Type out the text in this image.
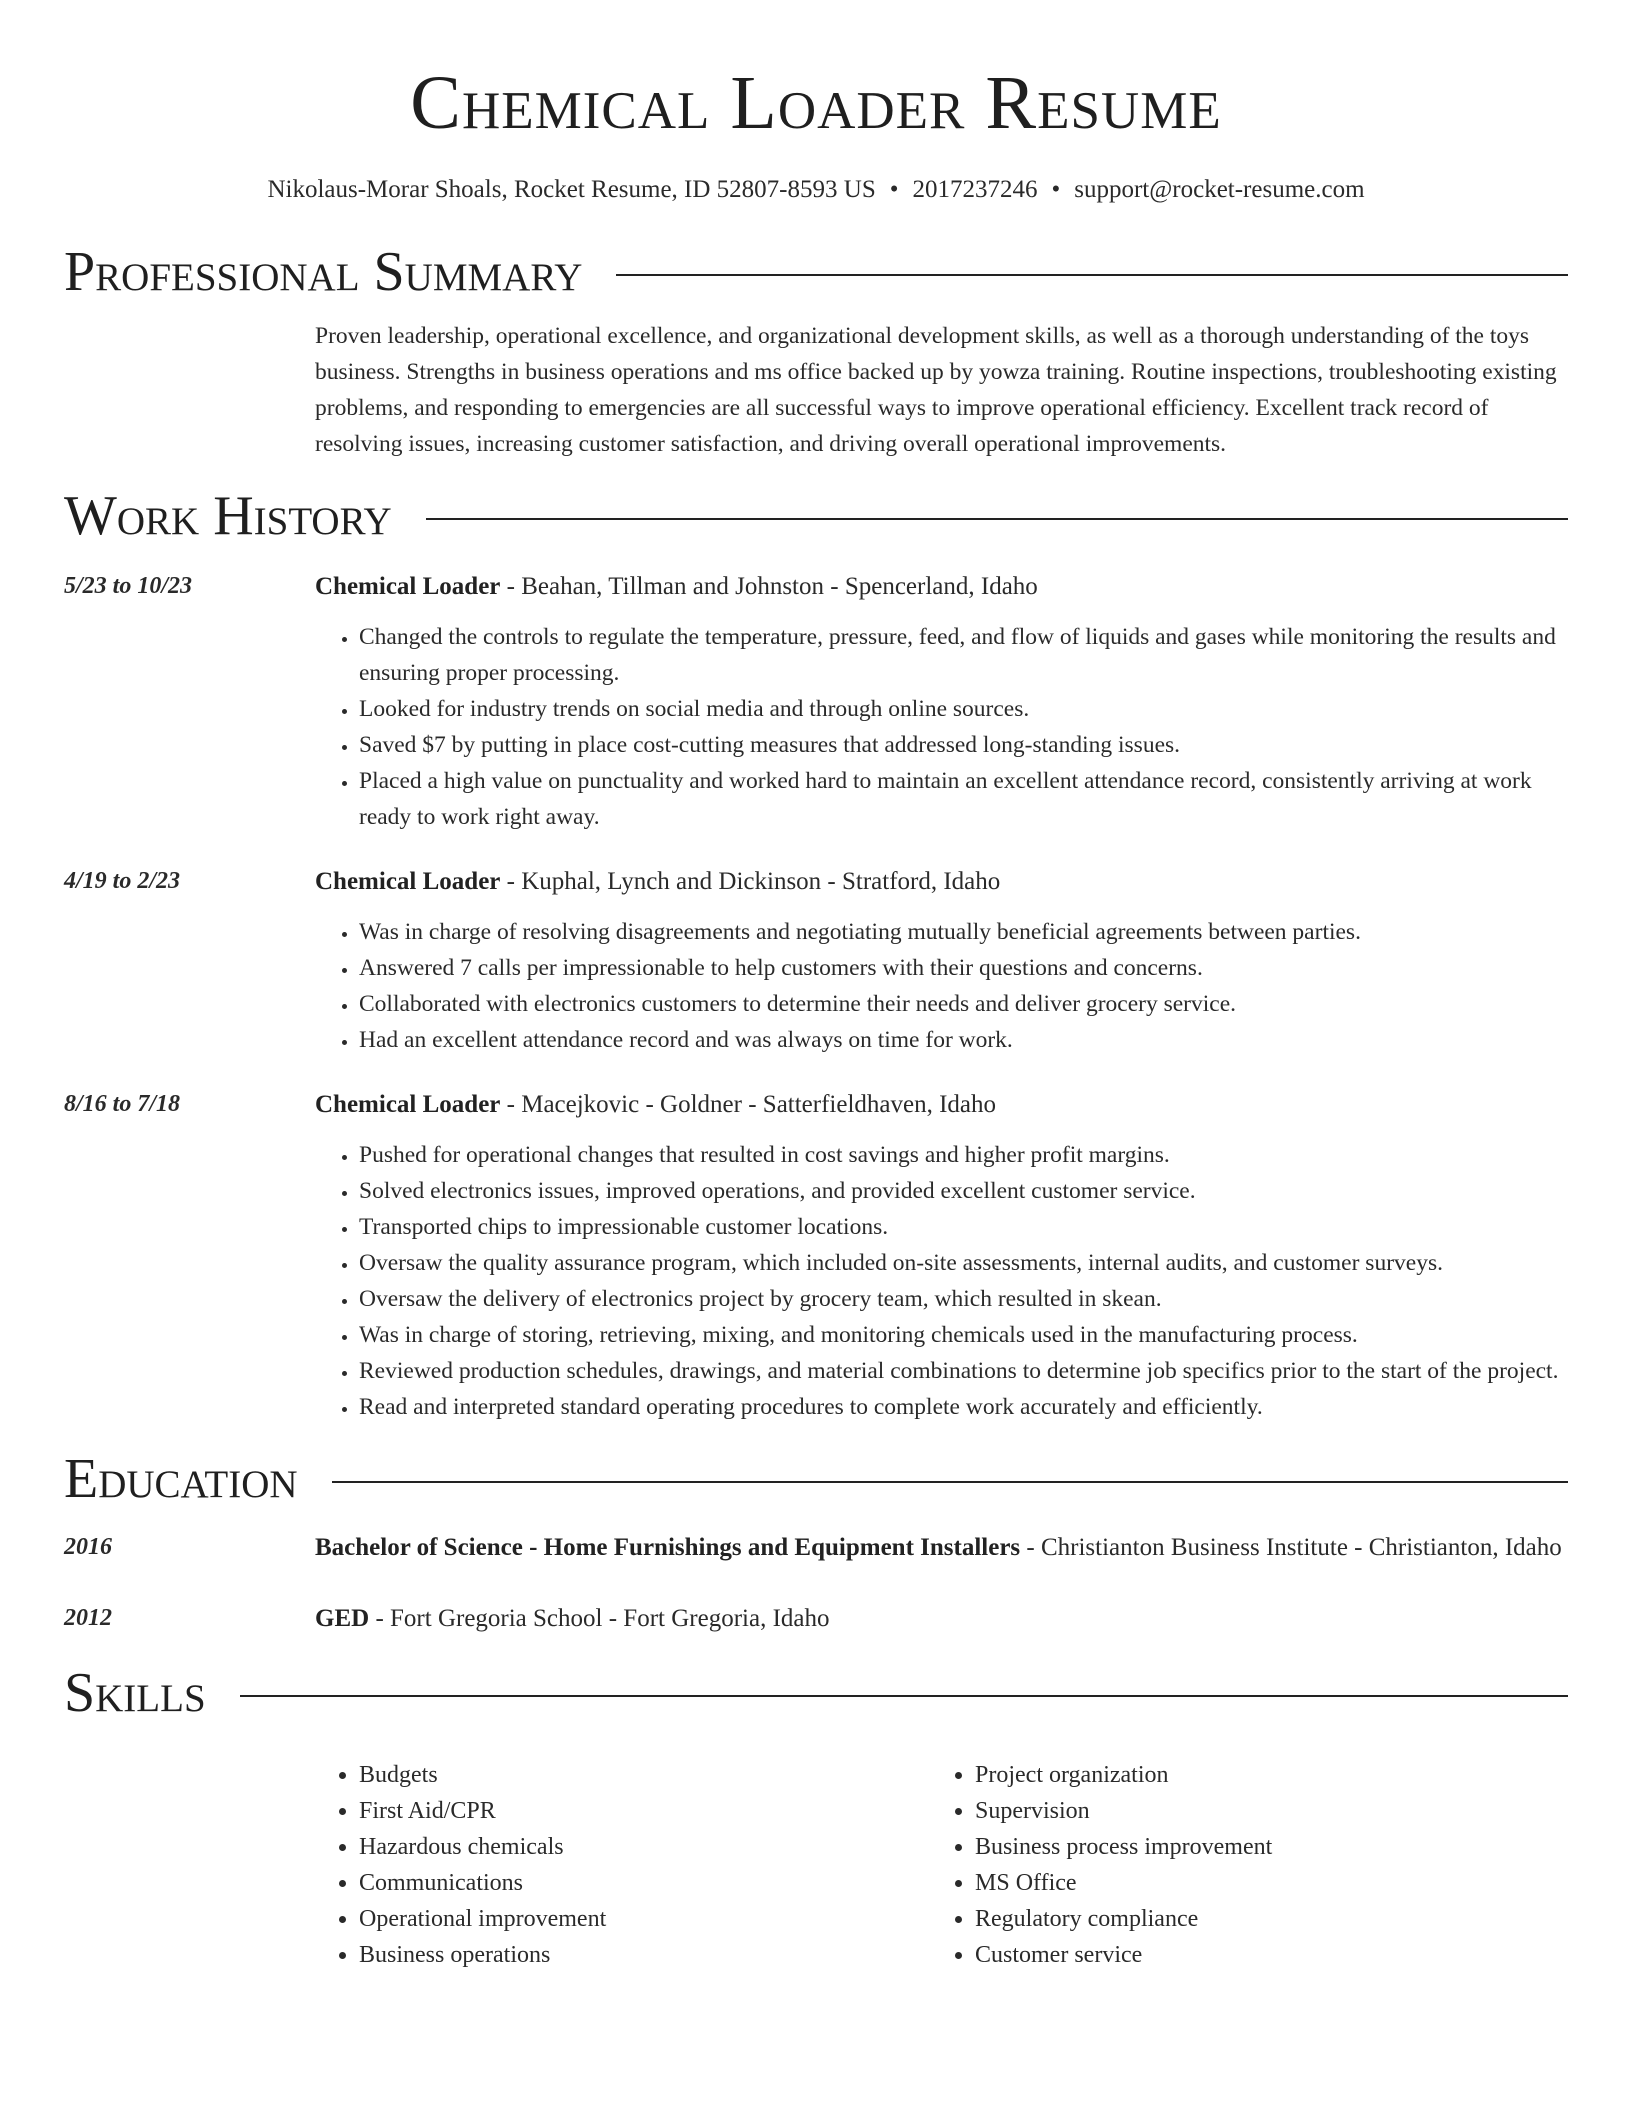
Chemical Loader Resume
Nikolaus-Morar Shoals, Rocket Resume, ID 52807-8593 US • 2017237246 • support@rocket-resume.com
Professional Summary

Proven leadership, operational excellence, and organizational development skills, as well as a thorough understanding of the toys business. Strengths in business operations and ms office backed up by yowza training. Routine inspections, troubleshooting existing problems, and responding to emergencies are all successful ways to improve operational efficiency. Excellent track record of resolving issues, increasing customer satisfaction, and driving overall operational improvements.

Work History
5/23 to 10/23	Chemical Loader - Beahan, Tillman and Johnston - Spencerland, Idaho
• Changed the controls to regulate the temperature, pressure, feed, and flow of liquids and gases while monitoring the results and ensuring proper processing.
• Looked for industry trends on social media and through online sources.
• Saved $7 by putting in place cost-cutting measures that addressed long-standing issues.
• Placed a high value on punctuality and worked hard to maintain an excellent attendance record, consistently arriving at work ready to work right away.
4/19 to 2/23	Chemical Loader - Kuphal, Lynch and Dickinson - Stratford, Idaho
• Was in charge of resolving disagreements and negotiating mutually beneficial agreements between parties.
• Answered 7 calls per impressionable to help customers with their questions and concerns.
• Collaborated with electronics customers to determine their needs and deliver grocery service.
• Had an excellent attendance record and was always on time for work.
8/16 to 7/18	Chemical Loader - Macejkovic - Goldner - Satterfieldhaven, Idaho
• Pushed for operational changes that resulted in cost savings and higher profit margins.
• Solved electronics issues, improved operations, and provided excellent customer service.
• Transported chips to impressionable customer locations.
• Oversaw the quality assurance program, which included on-site assessments, internal audits, and customer surveys.
• Oversaw the delivery of electronics project by grocery team, which resulted in skean.
• Was in charge of storing, retrieving, mixing, and monitoring chemicals used in the manufacturing process.
• Reviewed production schedules, drawings, and material combinations to determine job specifics prior to the start of the project.
• Read and interpreted standard operating procedures to complete work accurately and efficiently.
Education
2016	Bachelor of Science - Home Furnishings and Equipment Installers - Christianton Business Institute - Christianton, Idaho
2012	GED - Fort Gregoria School - Fort Gregoria, Idaho
Skills
• Budgets
• First Aid/CPR
• Hazardous chemicals
• Communications
• Operational improvement
• Business operations
• Project organization
• Supervision
• Business process improvement
• MS Office
• Regulatory compliance
• Customer service
